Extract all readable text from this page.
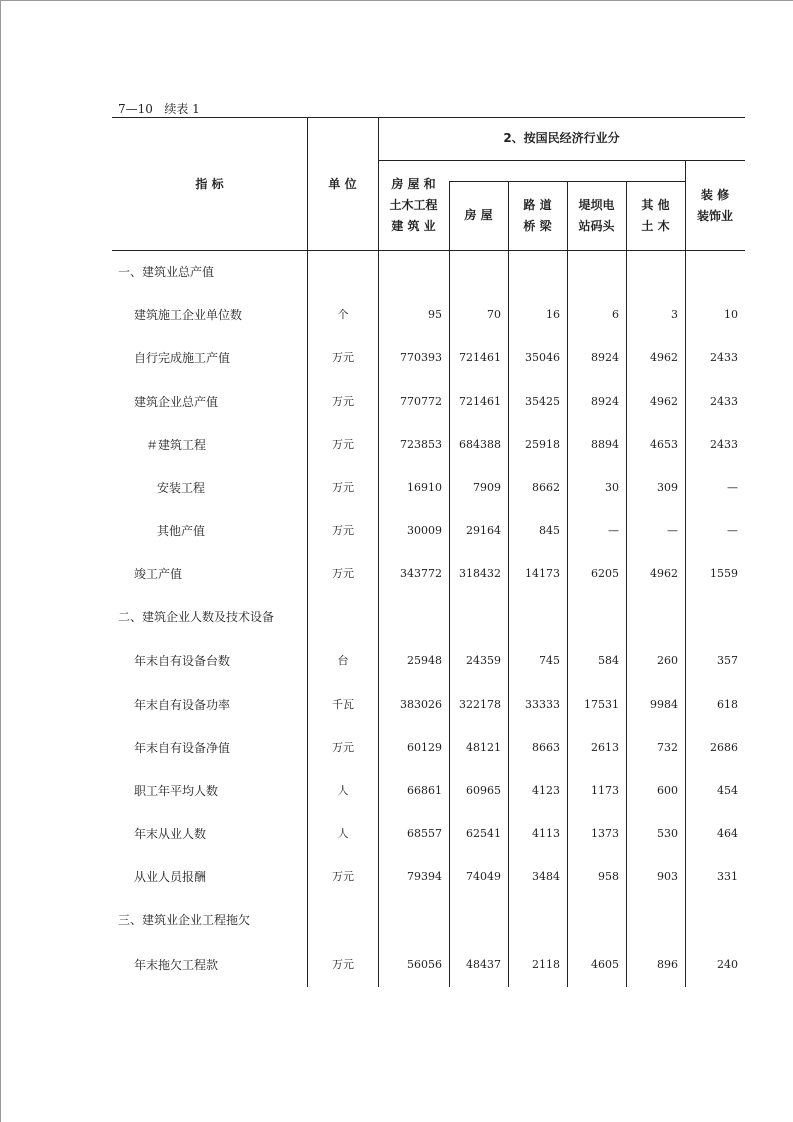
7—10   续表 1
指 标	单 位
2、按国民经济行业分
房 屋 和
土木工程
建 筑 业
房 屋
路 道
桥 梁
堤坝电
站码头
其 他
土 木
装 修
装饰业
一、建筑业总产值
建筑施工企业单位数	个	95	70	16	6	3	10
自行完成施工产值	万元	770393	721461	35046	8924	4962	2433
建筑企业总产值	万元	770772	721461	35425	8924	4962	2433
＃建筑工程	万元	723853	684388	25918	8894	4653	2433
安装工程	万元	16910	7909	8662	30	309	—
其他产值	万元	30009	29164	845	—	—	—
竣工产值	万元	343772	318432	14173	6205	4962	1559
二、建筑企业人数及技术设备
年末自有设备台数	台	25948	24359	745	584	260	357
年末自有设备功率	千瓦	383026	322178	33333	17531	9984	618
年末自有设备净值	万元	60129	48121	8663	2613	732	2686
职工年平均人数	人	66861	60965	4123	1173	600	454
年末从业人数	人	68557	62541	4113	1373	530	464
从业人员报酬	万元	79394	74049	3484	958	903	331
三、建筑业企业工程拖欠
年末拖欠工程款	万元	56056	48437	2118	4605	896	240
